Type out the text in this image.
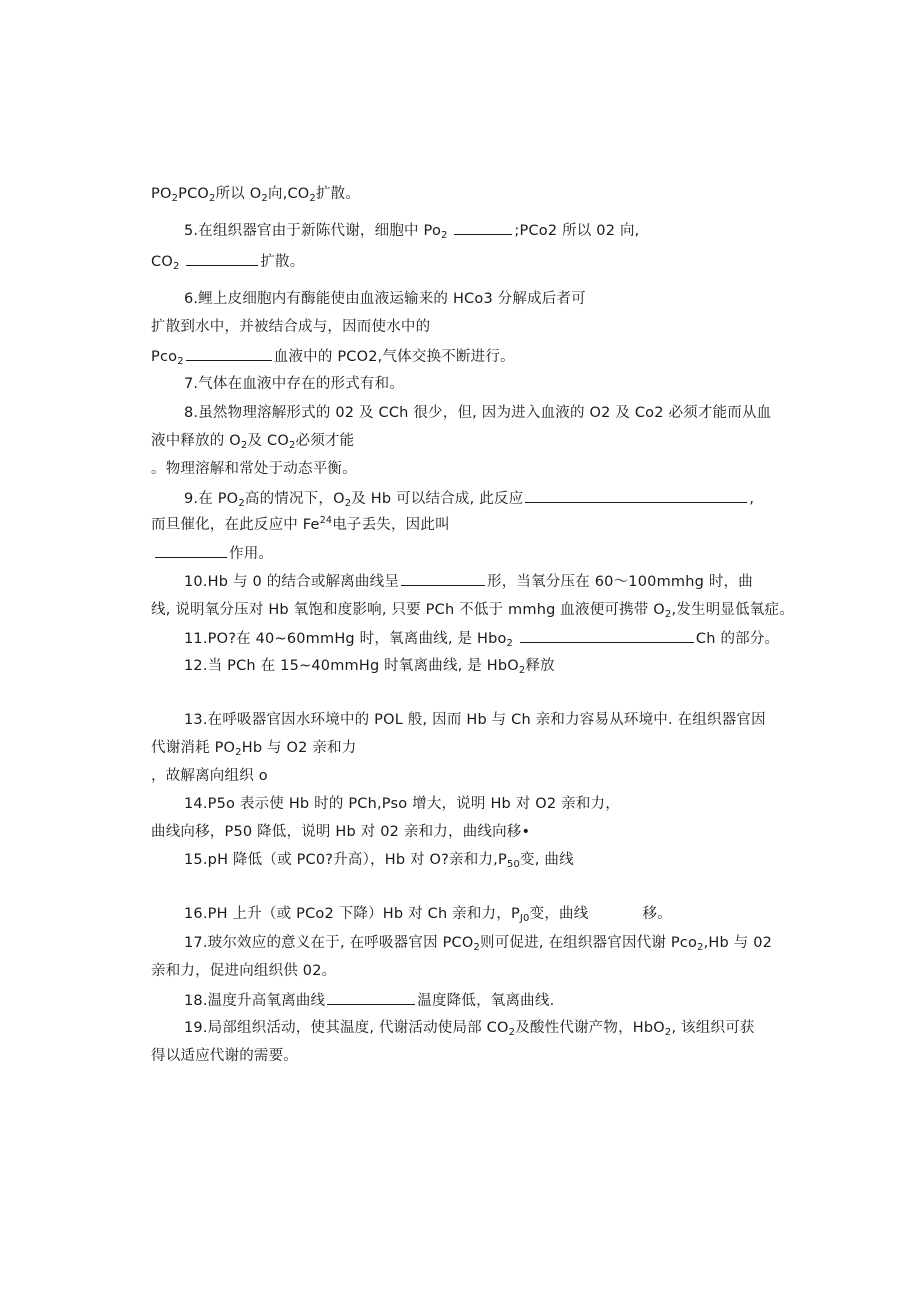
$PO_2PCO_2$所以 $O_2$向$,CO_2$扩散。
5.在组织器官由于新陈代谢，细胞中 $Po_2$	;PCo2 所以 02 向,
$CO_2$	扩散。
6.鲤上皮细胞内有酶能使由血液运输来的 HCo3 分解成后者可
扩散到水中，并被结合成与，因而使水中的
Pco$_2$	血液中的 PCO2,气体交换不断进行。
7.气体在血液中存在的形式有和。
8.虽然物理溶解形式的 02 及 CCh 很少，但, 因为进入血液的 O2 及 Co2 必须才能而从血
液中释放的 $O_2$及 $CO_2$必须才能
。物理溶解和常处于动态平衡。
9.在 $PO_2$高的情况下，$O_2$及 Hb 可以结合成, 此反应	,
而旦催化，在此反应中 Fe$^{24}$电子丢失，因此叫
作用。
10.Hb 与 0 的结合或解离曲线呈	形，当氧分压在 60〜100mmhg 时，曲
线, 说明氧分压对 Hb 氧饱和度影响, 只要 PCh 不低于 mmhg 血液便可携带 $O_2$,发生明显低氧症。
11.PO?在 40~60mmHg 时，氧离曲线, 是 Hbo$_2$	Ch 的部分。
12.当 PCh 在 15~40mmHg 时氧离曲线, 是 HbO$_2$释放
13.在呼吸器官因水环境中的 POL 般, 因而 Hb 与 Ch 亲和力容易从环境中. 在组织器官因
代谢消耗 $PO_2Hb$ 与 O2 亲和力
，故解离向组织 o
14.P5o 表示使 Hb 时的 PCh,Pso 增大，说明 Hb 对 O2 亲和力，
曲线向移，P50 降低，说明 Hb 对 02 亲和力，曲线向移•
15.pH 降低（或 PC0?升高），Hb 对 O?亲和力$,P_{50}$变, 曲线
16.PH 上升（或 PCo2 下降）Hb 对 Ch 亲和力，$P_{J0}$变，曲线	移。
17.玻尔效应的意义在于, 在呼吸器官因 $PCO_2$则可促进, 在组织器官因代谢 Pco$_2$,Hb 与 02
亲和力，促进向组织供 02。
18.温度升高氧离曲线	温度降低，氧离曲线.
19.局部组织活动，使其温度, 代谢活动使局部 $CO_2$及酸性代谢产物，HbO$_2$, 该组织可获
得以适应代谢的需要。
